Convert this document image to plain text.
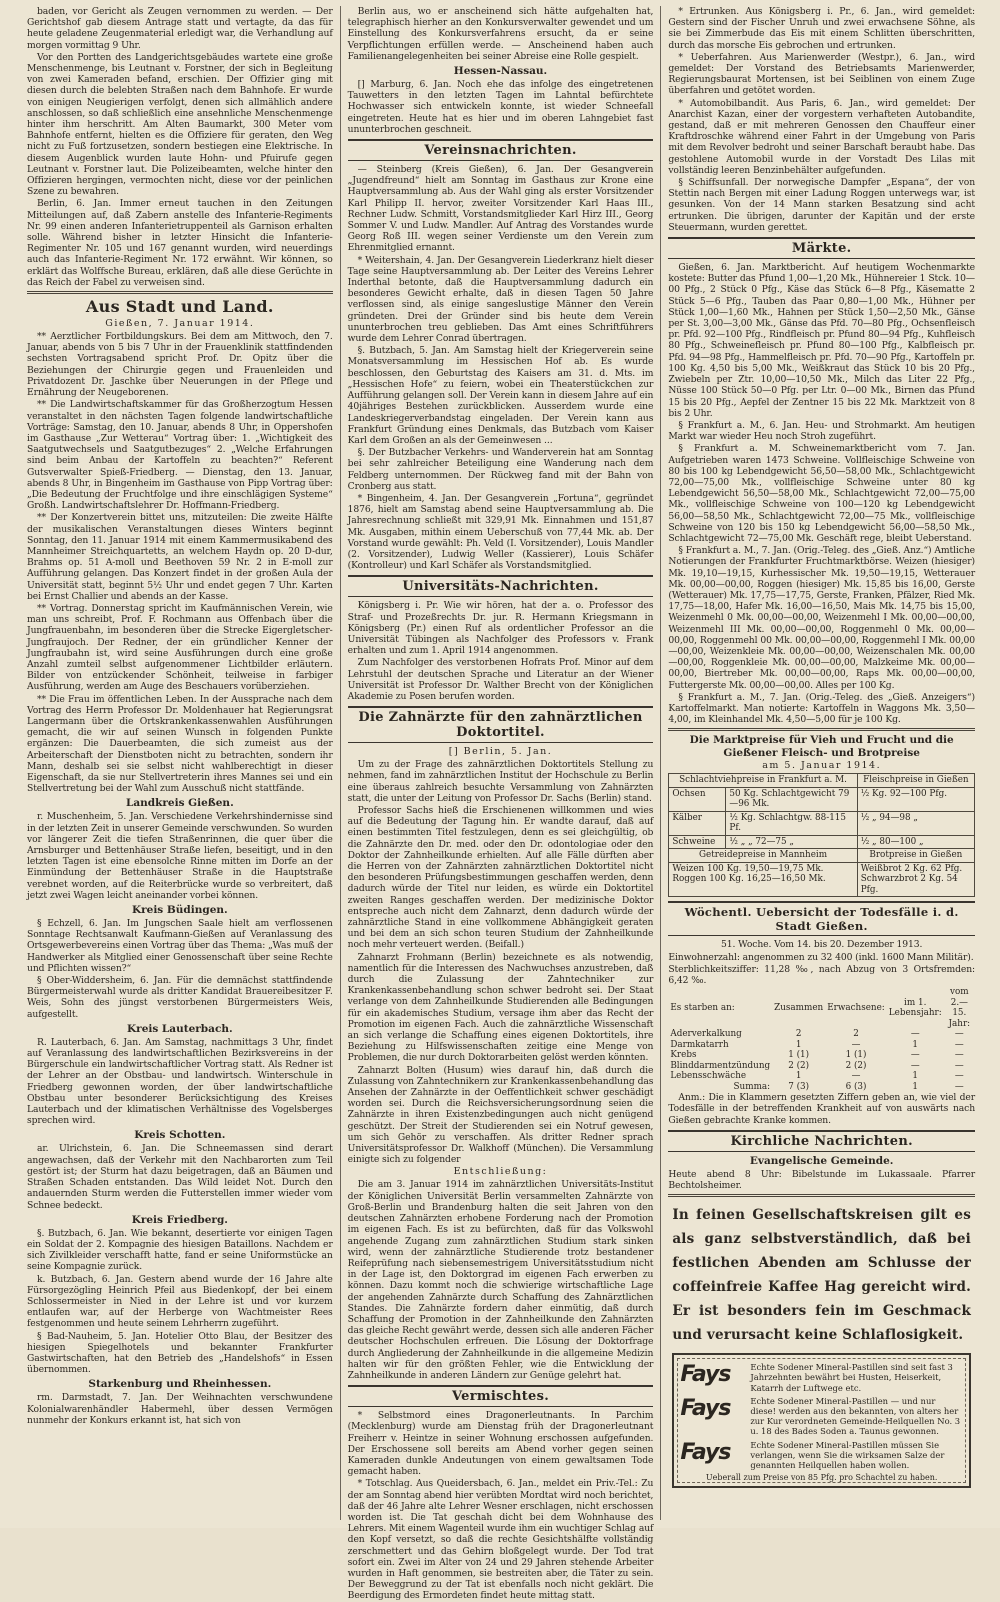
baden, vor Gericht als Zeugen vernommen zu werden. — Der Gerichtshof gab diesem Antrage statt und vertagte, da das für heute geladene Zeugenmaterial erledigt war, die Verhandlung auf morgen vormittag 9 Uhr.

Vor den Portten des Landgerichtsgebäudes wartete eine große Menschenmenge, bis Leutnant v. Forstner, der sich in Begleitung von zwei Kameraden befand, erschien. Der Offizier ging mit diesen durch die belebten Straßen nach dem Bahnhofe. Er wurde von einigen Neugierigen verfolgt, denen sich allmählich andere anschlossen, so daß schließlich eine ansehnliche Menschenmenge hinter ihm herschritt. Am Alten Baumarkt, 300 Meter vom Bahnhofe entfernt, hielten es die Offiziere für geraten, den Weg nicht zu Fuß fortzusetzen, sondern bestiegen eine Elektrische. In diesem Augenblick wurden laute Hohn- und Pfuirufe gegen Leutnant v. Forstner laut. Die Polizeibeamten, welche hinter den Offizieren hergingen, vermochten nicht, diese vor der peinlichen Szene zu bewahren.

Berlin, 6. Jan. Immer erneut tauchen in den Zeitungen Mitteilungen auf, daß Zabern anstelle des Infanterie-Regiments Nr. 99 einen anderen Infanterietruppenteil als Garnison erhalten solle. Während bisher in letzter Hinsicht die Infanterie-Regimenter Nr. 105 und 167 genannt wurden, wird neuerdings auch das Infanterie-Regiment Nr. 172 erwähnt. Wir können, so erklärt das Wolffsche Bureau, erklären, daß alle diese Gerüchte in das Reich der Fabel zu verweisen sind.

Aus Stadt und Land.
Gießen, 7. Januar 1914.

** Aerztlicher Fortbildungskurs. Bei dem am Mittwoch, den 7. Januar, abends von 5 bis 7 Uhr in der Frauenklinik stattfindenden sechsten Vortragsabend spricht Prof. Dr. Opitz über die Beziehungen der Chirurgie gegen und Frauenleiden und Privatdozent Dr. Jaschke über Neuerungen in der Pflege und Ernährung der Neugeborenen.

** Die Landwirtschaftskammer für das Großherzogtum Hessen veranstaltet in den nächsten Tagen folgende landwirtschaftliche Vorträge: Samstag, den 10. Januar, abends 8 Uhr, in Oppershofen im Gasthause „Zur Wetterau“ Vortrag über: 1. „Wichtigkeit des Saatgutwechsels und Saatgutbezuges“ 2. „Welche Erfahrungen sind beim Anbau der Kartoffeln zu beachten?“ Referent Gutsverwalter Spieß-Friedberg. — Dienstag, den 13. Januar, abends 8 Uhr, in Bingenheim im Gasthause von Pipp Vortrag über: „Die Bedeutung der Fruchtfolge und ihre einschlägigen Systeme“ Großh. Landwirtschaftslehrer Dr. Hoffmann-Friedberg.

** Der Konzertverein bittet uns, mitzuteilen: Die zweite Hälfte der musikalischen Veranstaltungen dieses Winters beginnt Sonntag, den 11. Januar 1914 mit einem Kammermusikabend des Mannheimer Streichquartetts, an welchem Haydn op. 20 D-dur, Brahms op. 51 A-moll und Beethoven 59 Nr. 2 in E-moll zur Aufführung gelangen. Das Konzert findet in der großen Aula der Universität statt, beginnt 5½ Uhr und endet gegen 7 Uhr. Karten bei Ernst Challier und abends an der Kasse.

** Vortrag. Donnerstag spricht im Kaufmännischen Verein, wie man uns schreibt, Prof. F. Rochmann aus Offenbach über die Jungfrauenbahn, im besonderen über die Strecke Eigergletscher-Jungfraujoch. Der Redner, der ein gründlicher Kenner der Jungfraubahn ist, wird seine Ausführungen durch eine große Anzahl zumteil selbst aufgenommener Lichtbilder erläutern. Bilder von entzückender Schönheit, teilweise in farbiger Ausführung, werden am Auge des Beschauers vorüberziehen.

** Die Frau im öffentlichen Leben. In der Aussprache nach dem Vortrag des Herrn Professor Dr. Moldenhauer hat Regierungsrat Langermann über die Ortskrankenkassenwahlen Ausführungen gemacht, die wir auf seinen Wunsch in folgenden Punkte ergänzen: Die Dauerbeamten, die sich zumeist aus der Arbeiterschaft der Dienstboten nicht zu betrachten, sondern ihr Mann, deshalb sei sie selbst nicht wahlberechtigt in dieser Eigenschaft, da sie nur Stellvertreterin ihres Mannes sei und ein Stellvertretung bei der Wahl zum Ausschuß nicht stattfände.

Landkreis Gießen.

r. Muschenheim, 5. Jan. Verschiedene Verkehrshindernisse sind in der letzten Zeit in unserer Gemeinde verschwunden. So wurden vor längerer Zeit die tiefen Straßenrinnen, die quer über die Arnsburger und Bettenhäuser Straße liefen, beseitigt, und in den letzten Tagen ist eine ebensolche Rinne mitten im Dorfe an der Einmündung der Bettenhäuser Straße in die Hauptstraße verebnet worden, auf die Reiterbrücke wurde so verbreitert, daß jetzt zwei Wagen leicht aneinander vorbei können.

Kreis Büdingen.

§ Echzell, 6. Jan. Im Jungschen Saale hielt am verflossenen Sonntage Rechtsanwalt Kaufmann-Gießen auf Veranlassung des Ortsgewerbevereins einen Vortrag über das Thema: „Was muß der Handwerker als Mitglied einer Genossenschaft über seine Rechte und Pflichten wissen?“

§ Ober-Widdersheim, 6. Jan. Für die demnächst stattfindende Bürgermeisterwahl wurde als dritter Kandidat Brauereibesitzer F. Weis, Sohn des jüngst verstorbenen Bürgermeisters Weis, aufgestellt.

Kreis Lauterbach.

R. Lauterbach, 6. Jan. Am Samstag, nachmittags 3 Uhr, findet auf Veranlassung des landwirtschaftlichen Bezirksvereins in der Bürgerschule ein landwirtschaftlicher Vortrag statt. Als Redner ist der Lehrer an der Obstbau- und landwirtsch. Winterschule in Friedberg gewonnen worden, der über landwirtschaftliche Obstbau unter besonderer Berücksichtigung des Kreises Lauterbach und der klimatischen Verhältnisse des Vogelsberges sprechen wird.

Kreis Schotten.

ar. Ulrichstein, 6. Jan. Die Schneemassen sind derart angewachsen, daß der Verkehr mit den Nachbarorten zum Teil gestört ist; der Sturm hat dazu beigetragen, daß an Bäumen und Straßen Schaden entstanden. Das Wild leidet Not. Durch den andauernden Sturm werden die Futterstellen immer wieder vom Schnee bedeckt.

Kreis Friedberg.

§. Butzbach, 6. Jan. Wie bekannt, desertierte vor einigen Tagen ein Soldat der 2. Kompagnie des hiesigen Bataillons. Nachdem er sich Zivilkleider verschafft hatte, fand er seine Uniformstücke an seine Kompagnie zurück.

k. Butzbach, 6. Jan. Gestern abend wurde der 16 Jahre alte Fürsorgezögling Heinrich Pfeil aus Biedenkopf, der bei einem Schlossermeister in Nied in der Lehre ist und vor kurzem entlaufen war, auf der Herberge von Wachtmeister Rees festgenommen und heute seinem Lehrherrn zugeführt.

§ Bad-Nauheim, 5. Jan. Hotelier Otto Blau, der Besitzer des hiesigen Spiegelhotels und bekannter Frankfurter Gastwirtschaften, hat den Betrieb des „Handelshofs“ in Essen übernommen.

Starkenburg und Rheinhessen.

rm. Darmstadt, 7. Jan. Der Weihnachten verschwundene Kolonialwarenhändler Habermehl, über dessen Vermögen nunmehr der Konkurs erkannt ist, hat sich von

Berlin aus, wo er anscheinend sich hätte aufgehalten hat, telegraphisch hierher an den Konkursverwalter gewendet und um Einstellung des Konkursverfahrens ersucht, da er seine Verpflichtungen erfüllen werde. — Anscheinend haben auch Familienangelegenheiten bei seiner Abreise eine Rolle gespielt.

Hessen-Nassau.

[] Marburg, 6. Jan. Noch ehe das infolge des eingetretenen Tauwetters in den letzten Tagen im Lahntal befürchtete Hochwasser sich entwickeln konnte, ist wieder Schneefall eingetreten. Heute hat es hier und im oberen Lahngebiet fast ununterbrochen geschneit.

Vereinsnachrichten.

— Steinberg (Kreis Gießen), 6. Jan. Der Gesangverein „Jugendfreund“ hielt am Sonntag im Gasthaus zur Krone eine Hauptversammlung ab. Aus der Wahl ging als erster Vorsitzender Karl Philipp II. hervor, zweiter Vorsitzender Karl Haas III., Rechner Ludw. Schmitt, Vorstandsmitglieder Karl Hirz III., Georg Sommer V. und Ludw. Mandler. Auf Antrag des Vorstandes wurde Georg Roß III. wegen seiner Verdienste um den Verein zum Ehrenmitglied ernannt.

* Weitershain, 4. Jan. Der Gesangverein Liederkranz hielt dieser Tage seine Hauptversammlung ab. Der Leiter des Vereins Lehrer Inderthal betonte, daß die Hauptversammlung dadurch ein besonderes Gewicht erhalte, daß in diesen Tagen 50 Jahre verflossen sind, als einige sangeslustige Männer den Verein gründeten. Drei der Gründer sind bis heute dem Verein ununterbrochen treu geblieben. Das Amt eines Schriftführers wurde dem Lehrer Conrad übertragen.

§. Butzbach, 5. Jan. Am Samstag hielt der Kriegerverein seine Monatsversammlung im Hessischen Hof ab. Es wurde beschlossen, den Geburtstag des Kaisers am 31. d. Mts. im „Hessischen Hofe“ zu feiern, wobei ein Theaterstückchen zur Aufführung gelangen soll. Der Verein kann in diesem Jahre auf ein 40jähriges Bestehen zurückblicken. Ausserdem wurde eine Landeskriegerverbandstag eingeladen. Der Verein kann aus Frankfurt Gründung eines Denkmals, das Butzbach vom Kaiser Karl dem Großen an als der Gemeinwesen ...

§. Der Butzbacher Verkehrs- und Wanderverein hat am Sonntag bei sehr zahlreicher Beteiligung eine Wanderung nach dem Feldberg unternommen. Der Rückweg fand mit der Bahn von Cronberg aus statt.

* Bingenheim, 4. Jan. Der Gesangverein „Fortuna“, gegründet 1876, hielt am Samstag abend seine Hauptversammlung ab. Die Jahresrechnung schließt mit 329,91 Mk. Einnahmen und 151,87 Mk. Ausgaben, mithin einem Ueberschuß von 77,44 Mk. ab. Der Vorstand wurde gewählt: Ph. Veld (I. Vorsitzender), Louis Mandler (2. Vorsitzender), Ludwig Weller (Kassierer), Louis Schäfer (Kontrolleur) und Karl Schäfer als Vorstandsmitglied.

Universitäts-Nachrichten.

Königsberg i. Pr. Wie wir hören, hat der a. o. Professor des Straf- und Prozeßrechts Dr. jur. R. Hermann Kriegsmann in Königsberg (Pr.) einen Ruf als ordentlicher Professor an die Universität Tübingen als Nachfolger des Professors v. Frank erhalten und zum 1. April 1914 angenommen.

Zum Nachfolger des verstorbenen Hofrats Prof. Minor auf dem Lehrstuhl der deutschen Sprache und Literatur an der Wiener Universität ist Professor Dr. Walther Brecht von der Königlichen Akademie zu Posen berufen worden.

Die Zahnärzte für den zahnärztlichen Doktortitel.
[] Berlin, 5. Jan.

Um zu der Frage des zahnärztlichen Doktortitels Stellung zu nehmen, fand im zahnärztlichen Institut der Hochschule zu Berlin eine überaus zahlreich besuchte Versammlung von Zahnärzten statt, die unter der Leitung von Professor Dr. Sachs (Berlin) stand.

Professor Sachs hieß die Erschienenen willkommen und wies auf die Bedeutung der Tagung hin. Er wandte darauf, daß auf einen bestimmten Titel festzulegen, denn es sei gleichgültig, ob die Zahnärzte den Dr. med. oder den Dr. odontologiae oder den Doktor der Zahnheilkunde erhielten. Auf alle Fälle dürften aber die Herren von der Zahnärzten zahnärztlichen Doktortitel nicht den besonderen Prüfungsbestimmungen geschaffen werden, denn dadurch würde der Titel nur leiden, es würde ein Doktortitel zweiten Ranges geschaffen werden. Der medizinische Doktor entspreche auch nicht dem Zahnarzt, denn dadurch würde der zahnärztliche Stand in eine vollkommene Abhängigkeit geraten und bei dem an sich schon teuren Studium der Zahnheilkunde noch mehr verteuert werden. (Beifall.)

Zahnarzt Frohmann (Berlin) bezeichnete es als notwendig, namentlich für die Interessen des Nachwuchses anzustreben, daß durch die Zulassung der Zahntechniker zur Krankenkassenbehandlung schon schwer bedroht sei. Der Staat verlange von dem Zahnheilkunde Studierenden alle Bedingungen für ein akademisches Studium, versage ihm aber das Recht der Promotion im eigenen Fach. Auch die zahnärztliche Wissenschaft an sich verlange die Schaffung eines eigenen Doktortitels, ihre Beziehung zu Hilfswissenschaften zeitige eine Menge von Problemen, die nur durch Doktorarbeiten gelöst werden könnten.

Zahnarzt Bolten (Husum) wies darauf hin, daß durch die Zulassung von Zahntechnikern zur Krankenkassenbehandlung das Ansehen der Zahnärzte in der Oeffentlichkeit schwer geschädigt worden sei. Durch die Reichsversicherungsordnung seien die Zahnärzte in ihren Existenzbedingungen auch nicht genügend geschützt. Der Streit der Studierenden sei ein Notruf gewesen, um sich Gehör zu verschaffen. Als dritter Redner sprach Universitätsprofessor Dr. Walkhoff (München). Die Versammlung einigte sich zu folgender

Entschließung:

Die am 3. Januar 1914 im zahnärztlichen Universitäts-Institut der Königlichen Universität Berlin versammelten Zahnärzte von Groß-Berlin und Brandenburg halten die seit Jahren von den deutschen Zahnärzten erhobene Forderung nach der Promotion im eigenen Fach. Es ist zu befürchten, daß für das Volkswohl angehende Zugang zum zahnärztlichen Studium stark sinken wird, wenn der zahnärztliche Studierende trotz bestandener Reifeprüfung nach siebensemestrigem Universitätsstudium nicht in der Lage ist, den Doktorgrad im eigenen Fach erwerben zu können. Dazu kommt noch die schwierige wirtschaftliche Lage der angehenden Zahnärzte durch Schaffung des Zahnärztlichen Standes. Die Zahnärzte fordern daher einmütig, daß durch Schaffung der Promotion in der Zahnheilkunde den Zahnärzten das gleiche Recht gewährt werde, dessen sich alle anderen Fächer deutscher Hochschulen erfreuen. Die Lösung der Doktorfrage durch Angliederung der Zahnheilkunde in die allgemeine Medizin halten wir für den größten Fehler, wie die Entwicklung der Zahnheilkunde in anderen Ländern zur Genüge gelehrt hat.

Vermischtes.

* Selbstmord eines Dragonerleutnants. In Parchim (Mecklenburg) wurde am Dienstag früh der Dragonerleutnant Freiherr v. Heintze in seiner Wohnung erschossen aufgefunden. Der Erschossene soll bereits am Abend vorher gegen seinen Kameraden dunkle Andeutungen von einem gewaltsamen Tode gemacht haben.

* Totschlag. Aus Queidersbach, 6. Jan., meldet ein Priv.-Tel.: Zu der am Sonntag abend hier verübten Mordtat wird noch berichtet, daß der 46 Jahre alte Lehrer Wesner erschlagen, nicht erschossen worden ist. Die Tat geschah dicht bei dem Wohnhause des Lehrers. Mit einem Wagenteil wurde ihm ein wuchtiger Schlag auf den Kopf versetzt, so daß die rechte Gesichtshälfte vollständig zerschmettert und das Gehirn bloßgelegt wurde. Der Tod trat sofort ein. Zwei im Alter von 24 und 29 Jahren stehende Arbeiter wurden in Haft genommen, sie bestreiten aber, die Täter zu sein. Der Beweggrund zu der Tat ist ebenfalls noch nicht geklärt. Die Beerdigung des Ermordeten findet heute mittag statt.

* Ertrunken. Aus Königsberg i. Pr., 6. Jan., wird gemeldet: Gestern sind der Fischer Unruh und zwei erwachsene Söhne, als sie bei Zimmerbude das Eis mit einem Schlitten überschritten, durch das morsche Eis gebrochen und ertrunken.

* Ueberfahren. Aus Marienwerder (Westpr.), 6. Jan., wird gemeldet: Der Vorstand des Betriebsamts Marienwerder, Regierungsbaurat Mortensen, ist bei Seiblinen von einem Zuge überfahren und getötet worden.

* Automobilbandit. Aus Paris, 6. Jan., wird gemeldet: Der Anarchist Kazan, einer der vorgestern verhafteten Autobandite, gestand, daß er mit mehreren Genossen den Chauffeur einer Kraftdroschke während einer Fahrt in der Umgebung von Paris mit dem Revolver bedroht und seiner Barschaft beraubt habe. Das gestohlene Automobil wurde in der Vorstadt Des Lilas mit vollständig leeren Benzinbehälter aufgefunden.

§ Schiffsunfall. Der norwegische Dampfer „Espana“, der von Stettin nach Bergen mit einer Ladung Roggen unterwegs war, ist gesunken. Von der 14 Mann starken Besatzung sind acht ertrunken. Die übrigen, darunter der Kapitän und der erste Steuermann, wurden gerettet.

Märkte.

Gießen, 6. Jan. Marktbericht. Auf heutigem Wochenmarkte kostete: Butter das Pfund 1,00—1,20 Mk., Hühnereier 1 Stck. 10—00 Pfg., 2 Stück 0 Pfg., Käse das Stück 6—8 Pfg., Käsematte 2 Stück 5—6 Pfg., Tauben das Paar 0,80—1,00 Mk., Hühner per Stück 1,00—1,60 Mk., Hahnen per Stück 1,50—2,50 Mk., Gänse per St. 3,00—3,00 Mk., Gänse das Pfd. 70—80 Pfg., Ochsenfleisch pr. Pfd. 92—100 Pfg., Rindfleisch pr. Pfund 80—94 Pfg., Kuhfleisch 80 Pfg., Schweinefleisch pr. Pfund 80—100 Pfg., Kalbfleisch pr. Pfd. 94—98 Pfg., Hammelfleisch pr. Pfd. 70—90 Pfg., Kartoffeln pr. 100 Kg. 4,50 bis 5,00 Mk., Weißkraut das Stück 10 bis 20 Pfg., Zwiebeln per Ztr. 10,00—10,50 Mk., Milch das Liter 22 Pfg., Nüsse 100 Stück 50—0 Pfg. per Ltr. 0—00 Mk., Birnen das Pfund 15 bis 20 Pfg., Aepfel der Zentner 15 bis 22 Mk. Marktzeit von 8 bis 2 Uhr.

§ Frankfurt a. M., 6. Jan. Heu- und Strohmarkt. Am heutigen Markt war wieder Heu noch Stroh zugeführt.

§ Frankfurt a. M. Schweinemarktbericht vom 7. Jan. Aufgetrieben waren 1473 Schweine. Vollfleischige Schweine von 80 bis 100 kg Lebendgewicht 56,50—58,00 Mk., Schlachtgewicht 72,00—75,00 Mk., vollfleischige Schweine unter 80 kg Lebendgewicht 56,50—58,00 Mk., Schlachtgewicht 72,00—75,00 Mk., vollfleischige Schweine von 100—120 kg Lebendgewicht 56,00—58,50 Mk., Schlachtgewicht 72,00—75 Mk., vollfleischige Schweine von 120 bis 150 kg Lebendgewicht 56,00—58,50 Mk., Schlachtgewicht 72—75,00 Mk. Geschäft rege, bleibt Ueberstand.

§ Frankfurt a. M., 7. Jan. (Orig.-Teleg. des „Gieß. Anz.“) Amtliche Notierungen der Frankfurter Fruchtmarktbörse. Weizen (hiesiger) Mk. 19,10—19,15, Kurhessischer Mk. 19,50—19,15, Wetterauer Mk. 00,00—00,00, Roggen (hiesiger) Mk. 15,85 bis 16,00, Gerste (Wetterauer) Mk. 17,75—17,75, Gerste, Franken, Pfälzer, Ried Mk. 17,75—18,00, Hafer Mk. 16,00—16,50, Mais Mk. 14,75 bis 15,00, Weizenmehl 0 Mk. 00,00—00,00, Weizenmehl I Mk. 00,00—00,00, Weizenmehl III Mk. 00,00—00,00, Roggenmehl 0 Mk. 00,00—00,00, Roggenmehl 00 Mk. 00,00—00,00, Roggenmehl I Mk. 00,00—00,00, Weizenkleie Mk. 00,00—00,00, Weizenschalen Mk. 00,00—00,00, Roggenkleie Mk. 00,00—00,00, Malzkeime Mk. 00,00—00,00, Biertreber Mk. 00,00—00,00, Raps Mk. 00,00—00,00, Futtergerste Mk. 00,00—00,00. Alles per 100 Kg.

§ Frankfurt a. M., 7. Jan. (Orig.-Teleg. des „Gieß. Anzeigers“) Kartoffelmarkt. Man notierte: Kartoffeln in Waggons Mk. 3,50—4,00, im Kleinhandel Mk. 4,50—5,00 für je 100 Kg.

Die Marktpreise für Vieh und Frucht und die Gießener Fleisch- und Brotpreise
am 5. Januar 1914.
Schlachtviehpreise in Frankfurt a. M.		Fleischpreise in Gießen
Ochsen	50 Kg. Schlachtgewicht 79—96 Mk.	½ Kg. 92—100 Pfg.
Kälber	½ Kg. Schlachtgw. 88-115 Pf.	½ „ 94—98 „
Schweine	½ „ „ 72—75 „	½ „ 80—100 „
Getreidepreise in Mannheim		Brotpreise in Gießen
Weizen 100 Kg. 19,50—19,75 Mk. Roggen 100 Kg. 16,25—16,50 Mk.		Weißbrot 2 Kg. 62 Pfg. Schwarzbrot 2 Kg. 54 Pfg.
Wöchentl. Uebersicht der Todesfälle i. d. Stadt Gießen.

51. Woche. Vom 14. bis 20. Dezember 1913.

Einwohnerzahl: angenommen zu 32 400 (inkl. 1600 Mann Militär).

Sterblichkeitsziffer: 11,28 ‰, nach Abzug von 3 Ortsfremden: 6,42 ‰.

Es starben an:	Zusammen	Erwachsene:	im 1. Lebensjahr:	vom 2.—15. Jahr:
Aderverkalkung	2	2	—	—
Darmkatarrh	1	—	1	—
Krebs	1 (1)	1 (1)	—	—
Blinddarmentzündung	2 (2)	2 (2)	—	—
Lebensschwäche	1	—	1	—
Summa:	7 (3)	6 (3)	1	—

Anm.: Die in Klammern gesetzten Ziffern geben an, wie viel der Todesfälle in der betreffenden Krankheit auf von auswärts nach Gießen gebrachte Kranke kommen.

Kirchliche Nachrichten.
Evangelische Gemeinde.

Heute abend 8 Uhr: Bibelstunde im Lukassaale. Pfarrer Bechtolsheimer.

In feinen Gesellschaftskreisen gilt es als ganz selbstverständlich, daß bei festlichen Abenden am Schlusse der coffeinfreie Kaffee Hag gereicht wird. Er ist besonders fein im Geschmack und verursacht keine Schlaflosigkeit.
Fays	Echte Sodener Mineral-Pastillen sind seit fast 3 Jahrzehnten bewährt bei Husten, Heiserkeit, Katarrh der Luftwege etc.
Fays	Echte Sodener Mineral-Pastillen — und nur diese! werden aus den bekannten, von alters her zur Kur verordneten Gemeinde-Heilquellen No. 3 u. 18 des Bades Soden a. Taunus gewonnen.
Fays	Echte Sodener Mineral-Pastillen müssen Sie verlangen, wenn Sie die wirksamen Salze der genannten Heilquellen haben wollen.
Ueberall zum Preise von 85 Pfg. pro Schachtel zu haben.
